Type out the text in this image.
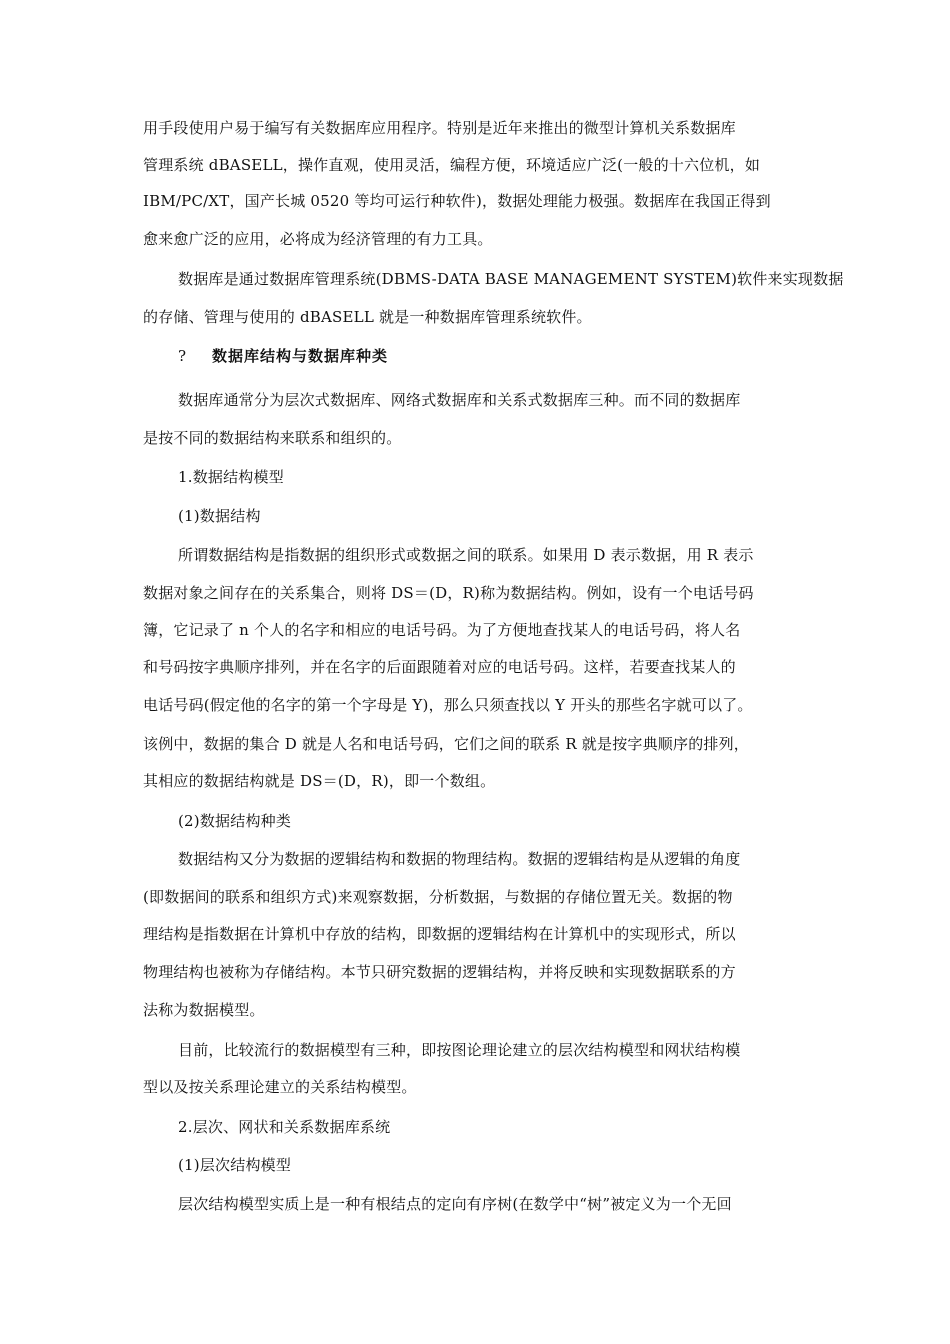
用手段使用户易于编写有关数据库应用程序。特别是近年来推出的微型计算机关系数据库
管理系统 dBASELL，操作直观，使用灵活，编程方便，环境适应广泛(一般的十六位机，如
IBM/PC/XT，国产长城 0520 等均可运行种软件)，数据处理能力极强。数据库在我国正得到
愈来愈广泛的应用，必将成为经济管理的有力工具。
数据库是通过数据库管理系统(DBMS-DATA BASE MANAGEMENT SYSTEM)软件来实现数据
的存储、管理与使用的 dBASELL 就是一种数据库管理系统软件。
? 数据库结构与数据库种类
数据库通常分为层次式数据库、网络式数据库和关系式数据库三种。而不同的数据库
是按不同的数据结构来联系和组织的。
1.数据结构模型
(1)数据结构
所谓数据结构是指数据的组织形式或数据之间的联系。如果用 D 表示数据，用 R 表示
数据对象之间存在的关系集合，则将 DS＝(D，R)称为数据结构。例如，设有一个电话号码
簿，它记录了 n 个人的名字和相应的电话号码。为了方便地查找某人的电话号码，将人名
和号码按字典顺序排列，并在名字的后面跟随着对应的电话号码。这样，若要查找某人的
电话号码(假定他的名字的第一个字母是 Y)，那么只须查找以 Y 开头的那些名字就可以了。
该例中，数据的集合 D 就是人名和电话号码，它们之间的联系 R 就是按字典顺序的排列，
其相应的数据结构就是 DS＝(D，R)，即一个数组。
(2)数据结构种类
数据结构又分为数据的逻辑结构和数据的物理结构。数据的逻辑结构是从逻辑的角度
(即数据间的联系和组织方式)来观察数据，分析数据，与数据的存储位置无关。数据的物
理结构是指数据在计算机中存放的结构，即数据的逻辑结构在计算机中的实现形式，所以
物理结构也被称为存储结构。本节只研究数据的逻辑结构，并将反映和实现数据联系的方
法称为数据模型。
目前，比较流行的数据模型有三种，即按图论理论建立的层次结构模型和网状结构模
型以及按关系理论建立的关系结构模型。
2.层次、网状和关系数据库系统
(1)层次结构模型
层次结构模型实质上是一种有根结点的定向有序树(在数学中“树”被定义为一个无回
